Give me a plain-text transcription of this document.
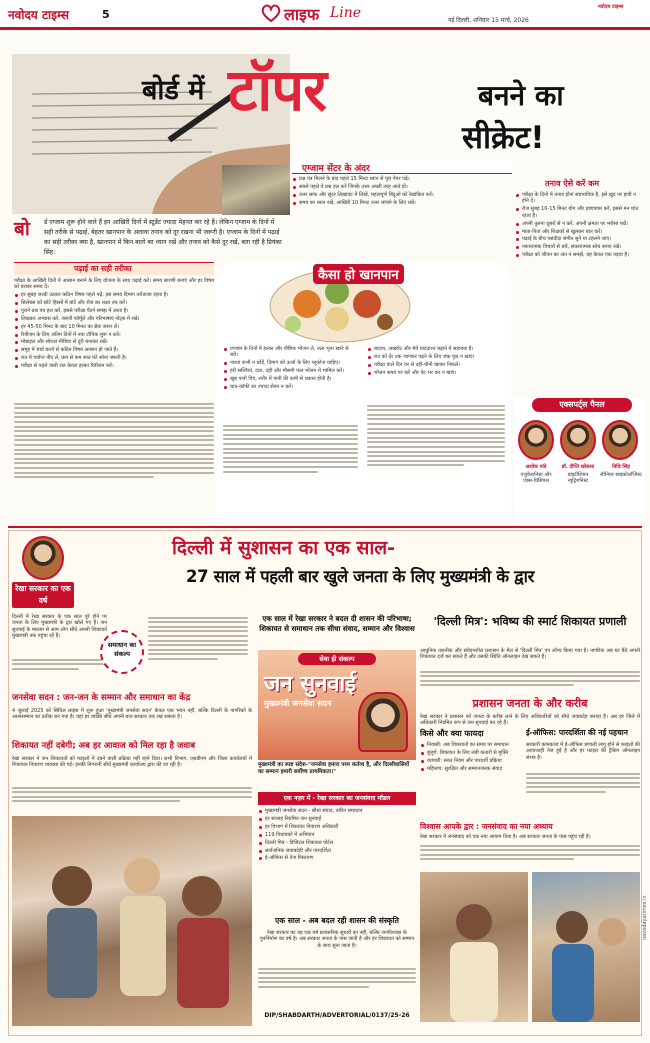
नवोदय टाइम्स	5	लाइफ Line	नई दिल्ली, शनिवार 15 मार्च, 2026
नवोदय टाइम्स
बोर्ड में टॉपर	बनने का
सीक्रेट!
बो र्ड एग्जाम शुरू होने वाले हैं इन आखिरी दिनों में स्टूडेंट ज्यादा मेहनत कर रहे हैं। लेकिन एग्जाम के दिनों में सही तरीके से पढ़ाई, बेहतर खानपान के अलावा तनाव को दूर रखना भी जरूरी है। एग्जाम के दिनों में पढ़ाई का सही तरीका क्या है, खानपान में किन बातों का ध्यान रखें और तनाव को कैसे दूर रखें, बता रही है प्रियंका सिंह:
एग्जाम सेंटर के अंदर
प्रश्न पत्र मिलने के बाद पहले 15 मिनट ध्यान से पूरा पेपर पढ़ें।
सबसे पहले वे प्रश्न हल करें जिनके उत्तर अच्छी तरह आते हों।
उत्तर साफ और सुंदर लिखावट में लिखें, महत्वपूर्ण बिंदुओं को रेखांकित करें।
समय का ध्यान रखें, आखिरी 10 मिनट उत्तर जांचने के लिए रखें।
तनाव ऐसे करें कम
परीक्षा के दिनों में तनाव होना स्वाभाविक है, इसे खुद पर हावी न होने दें।
रोज सुबह 10-15 मिनट योग और प्राणायाम करें, इससे मन शांत रहता है।
अपनी तुलना दूसरों से न करें, अपनी क्षमता पर भरोसा रखें।
माता-पिता और शिक्षकों से खुलकर बात करें।
पढ़ाई के बीच पसंदीदा संगीत सुनें या टहलने जाएं।
नकारात्मक विचारों से बचें, सकारात्मक सोच बनाए रखें।
परीक्षा को जीवन का अंत न समझें, यह केवल एक पड़ाव है।
पढ़ाई का सही तरीका
परीक्षा के आखिरी दिनों में आसान बनाने के लिए योजना के साथ पढ़ाई करें। समय सारणी बनाएं और हर विषय को बराबर समय दें।
हर सुबह जल्दी उठकर कठिन विषय पहले पढ़ें, इस समय दिमाग तरोताजा रहता है।
सिलेबस को छोटे हिस्सों में बांटें और रोज का लक्ष्य तय करें।
पुराने प्रश्न पत्र हल करें, इससे परीक्षा पैटर्न समझ में आता है।
लिखकर अभ्यास करें, जरूरी फॉर्मूले और परिभाषाएं नोट्स में रखें।
हर 45-50 मिनट के बाद 10 मिनट का ब्रेक जरूर लें।
रिवीजन के लिए अंतिम दिनों में नया टॉपिक शुरू न करें।
मोबाइल और सोशल मीडिया से दूरी बनाकर रखें।
समूह में चर्चा करने से कठिन विषय आसान हो जाते हैं।
रात में पर्याप्त नींद लें, कम से कम सात घंटे सोना जरूरी है।
परीक्षा से पहले वाली रात केवल हल्का रिवीजन करें।
कैसा हो खानपान
एग्जाम के दिनों में हल्का और पौष्टिक भोजन लें, तला-भुना खाने से बचें।
नाश्ता कभी न छोड़ें, दिमाग को ऊर्जा के लिए ग्लूकोज चाहिए।
हरी सब्जियां, दाल, दही और मौसमी फल भोजन में शामिल करें।
खूब पानी पिएं, शरीर में पानी की कमी से थकान होती है।
चाय-कॉफी का ज्यादा सेवन न करें।
बादाम, अखरोट और मेवे याददाश्त बढ़ाने में सहायक हैं।
रात को देर तक जागकर पढ़ने के लिए जंक फूड न खाएं।
परीक्षा वाले दिन घर से दही-चीनी खाकर निकलें।
भोजन समय पर करें और पेट भर कर न खाएं।
एक्सपर्ट्स पैनल
अशोक पांडे
एजुकेशनिस्ट और एक्स-प्रिंसिपल
डॉ. दीप्ति खोसला
डाइटीशियन न्यूट्रिशनिस्ट
निधि सिंह
सीनियर साइकोलॉजिस्ट
रेखा सरकार का एक वर्ष
दिल्ली में सुशासन का एक साल-
27 साल में पहली बार खुले जनता के लिए मुख्यमंत्री के द्वार
दिल्ली में रेखा सरकार के एक साल पूरे होने पर जनता के लिए मुख्यमंत्री के द्वार खोले गए हैं। जन सुनवाई के माध्यम से आम लोग सीधे अपनी शिकायतें मुख्यमंत्री तक पहुंचा रहे हैं।
समाधान का संकल्प
जनसेवा सदन : जन-जन के सम्मान और समाधान का केंद्र
4 जुलाई 2025 को सिविल लाइंस में शुरू हुआ 'मुख्यमंत्री जनसेवा सदन' केवल एक भवन नहीं, बल्कि दिल्ली के नागरिकों के आत्मसम्मान का प्रतीक बन गया है। यहां हर व्यक्ति सीधे अपनी बात सरकार तक रख सकता है।
शिकायत नहीं दबेगी; अब हर आवाज को मिल रहा है जवाब
रेखा सरकार ने जन शिकायतों को फाइलों में दबने वाली प्रक्रिया नहीं रहने दिया। सभी विभाग, एसडीएम और जिला कार्यालयों में शिकायत निवारण व्यवस्था की गई। इनकी निगरानी सीधे मुख्यमंत्री कार्यालय द्वारा की जा रही है।
एक साल में रेखा सरकार ने बदल दी शासन की परिभाषा; शिकायत से समाधान तक सीधा संवाद, सम्मान और विश्वास
सेवा ही संकल्प
जन सुनवाई
मुख्यमंत्री जनसेवा सदन
मुख्यमंत्री का स्पष्ट संदेश-"जनसेवा हमारा परम कर्तव्य है, और दिल्लीवासियों का सम्मान हमारी सर्वोच्च प्राथमिकता।"
एक नज़र में - रेखा सरकार का जनसंवाद मॉडल
मुख्यमंत्री जनसेवा सदन - सीधा संवाद, त्वरित समाधान
हर सप्ताह नियमित जन सुनवाई
हर विभाग में शिकायत निवारण अधिकारी
119 विधायकों में अभियान
दिल्ली मित्र - डिजिटल शिकायत पोर्टल
सार्वजनिक जवाबदेही और पारदर्शिता
ई-ऑफिस से तेज निस्तारण
एक साल - अब बदल रही शासन की संस्कृति
रेखा सरकार का यह एक वर्ष प्रशासनिक सुधारों का नहीं, बल्कि जनविश्वास के पुनर्निर्माण का वर्ष है। अब सरकार जनता के पास जाती है और हर शिकायत को सम्मान के साथ सुना जाता है।
DIP/SHABDARTH/ADVERTORIAL/0137/25-26
'दिल्ली मित्र': भविष्य की स्मार्ट शिकायत प्रणाली
आधुनिक तकनीक और संवेदनशील प्रशासन के मेल से 'दिल्ली मित्र' एप लॉन्च किया गया है। नागरिक अब घर बैठे अपनी शिकायत दर्ज कर सकते हैं और उसकी स्थिति ऑनलाइन देख सकते हैं।
प्रशासन जनता के और करीब
रेखा सरकार ने प्रशासन को जनता के करीब लाने के लिए अधिकारियों को सीधे जवाबदेह बनाया है। अब हर जिले में अधिकारी नियमित रूप से जन सुनवाई कर रहे हैं।
किसे और क्या फायदा
निवासी: अब शिकायतों का समय पर समाधान
बुजुर्ग: शिकायत के लिए लंबी कतारों से मुक्ति
व्यापारी: सरल नियम और पारदर्शी प्रक्रिया
महिलाएं: सुरक्षित और सम्मानजनक संवाद
ई-ऑफिस: पारदर्शिता की नई पहचान
सरकारी कामकाज में ई-ऑफिस प्रणाली लागू होने से फाइलों की आवाजाही तेज हुई है और हर फाइल की ट्रैकिंग ऑनलाइन संभव है।
विश्वास आपके द्वार : जनसंवाद का नया अध्याय
रेखा सरकार ने जनसंवाद को एक नया आयाम दिया है। अब सरकार जनता के पास पहुंच रही है।
navodayatimes.in
